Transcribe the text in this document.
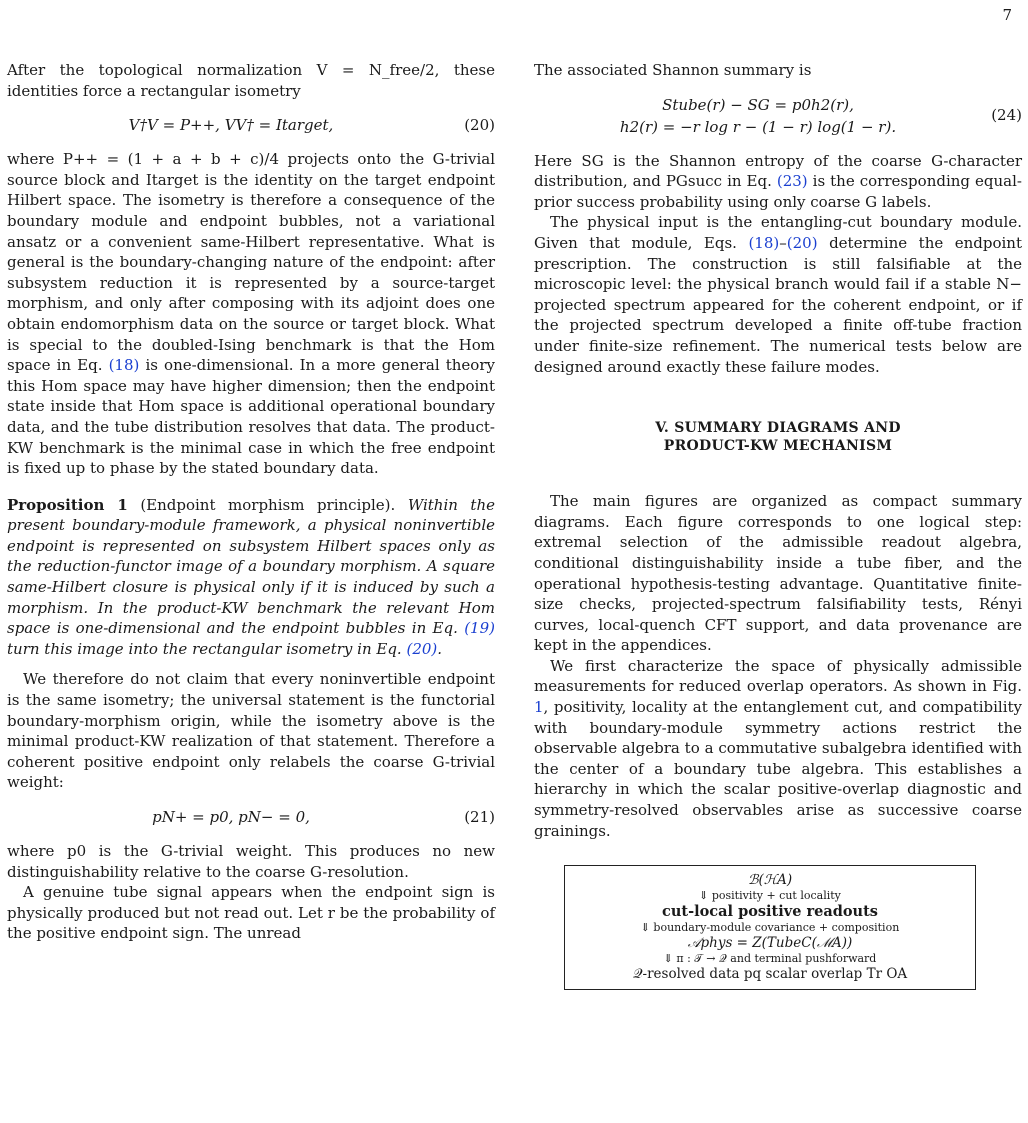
7

After the topological normalization V = N_free/2, these identities force a rectangular isometry

V†V = P++, VV† = Itarget,	(20)

where P++ = (1 + a + b + c)/4 projects onto the G-trivial source block and Itarget is the identity on the target endpoint Hilbert space. The isometry is therefore a consequence of the boundary module and endpoint bubbles, not a variational ansatz or a convenient same-Hilbert representative. What is general is the boundary-changing nature of the endpoint: after subsystem reduction it is represented by a source-target morphism, and only after composing with its adjoint does one obtain endomorphism data on the source or target block. What is special to the doubled-Ising benchmark is that the Hom space in Eq. (18) is one-dimensional. In a more general theory this Hom space may have higher dimension; then the endpoint state inside that Hom space is additional operational boundary data, and the tube distribution resolves that data. The product-KW benchmark is the minimal case in which the free endpoint is fixed up to phase by the stated boundary data.

Proposition 1 (Endpoint morphism principle). Within the present boundary-module framework, a physical noninvertible endpoint is represented on subsystem Hilbert spaces only as the reduction-functor image of a boundary morphism. A square same-Hilbert closure is physical only if it is induced by such a morphism. In the product-KW benchmark the relevant Hom space is one-dimensional and the endpoint bubbles in Eq. (19) turn this image into the rectangular isometry in Eq. (20).

We therefore do not claim that every noninvertible endpoint is the same isometry; the universal statement is the functorial boundary-morphism origin, while the isometry above is the minimal product-KW realization of that statement. Therefore a coherent positive endpoint only relabels the coarse G-trivial weight:

pN+ = p0, pN− = 0,	(21)

where p0 is the G-trivial weight. This produces no new distinguishability relative to the coarse G-resolution.

A genuine tube signal appears when the endpoint sign is physically produced but not read out. Let r be the probability of the positive endpoint sign. The unread

The associated Shannon summary is

Stube(r) − SG = p0h2(r),
h2(r) = −r log r − (1 − r) log(1 − r).
(24)

Here SG is the Shannon entropy of the coarse G-character distribution, and PGsucc in Eq. (23) is the corresponding equal-prior success probability using only coarse G labels.

The physical input is the entangling-cut boundary module. Given that module, Eqs. (18)–(20) determine the endpoint prescription. The construction is still falsifiable at the microscopic level: the physical branch would fail if a stable N− projected spectrum appeared for the coherent endpoint, or if the projected spectrum developed a finite off-tube fraction under finite-size refinement. The numerical tests below are designed around exactly these failure modes.

V. SUMMARY DIAGRAMS AND
PRODUCT-KW MECHANISM

The main figures are organized as compact summary diagrams. Each figure corresponds to one logical step: extremal selection of the admissible readout algebra, conditional distinguishability inside a tube fiber, and the operational hypothesis-testing advantage. Quantitative finite-size checks, projected-spectrum falsifiability tests, Rényi curves, local-quench CFT support, and data provenance are kept in the appendices.

We first characterize the space of physically admissible measurements for reduced overlap operators. As shown in Fig. 1, positivity, locality at the entanglement cut, and compatibility with boundary-module symmetry actions restrict the observable algebra to a commutative subalgebra identified with the center of a boundary tube algebra. This establishes a hierarchy in which the scalar positive-overlap diagnostic and symmetry-resolved observables arise as successive coarse grainings.

ℬ(ℋA)
⇓ positivity + cut locality
cut-local positive readouts
⇓ boundary-module covariance + composition
𝒜phys = Z(TubeC(ℳA))
⇓ π : 𝒯 → 𝒬 and terminal pushforward
𝒬-resolved data pq scalar overlap Tr OA
